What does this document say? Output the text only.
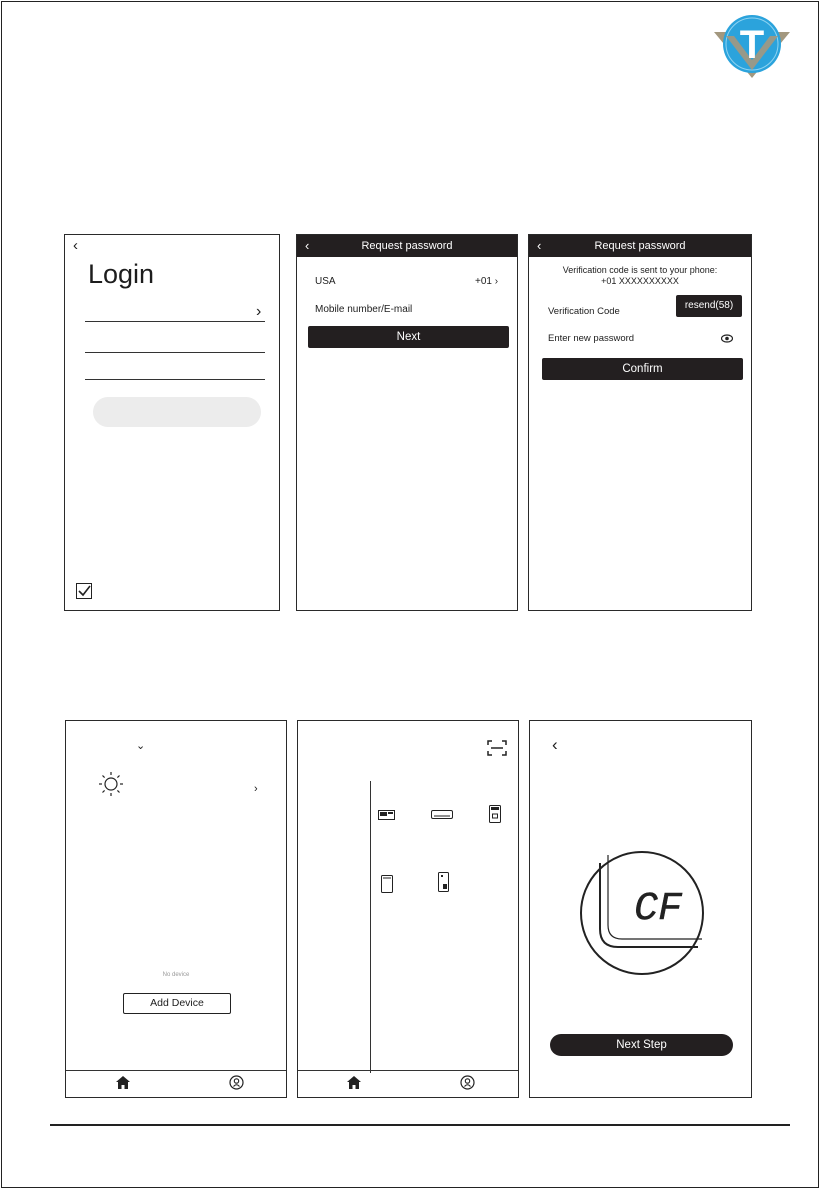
T
‹
Login
›
‹	Request password
USA	+01 ›
Mobile number/E-mail
Next
‹	Request password
Verification code is sent to your phone:
+01 XXXXXXXXXX
Verification Code
resend(58)
Enter new password
Confirm
⌄
›
No device
Add Device
‹
CF
Next Step
